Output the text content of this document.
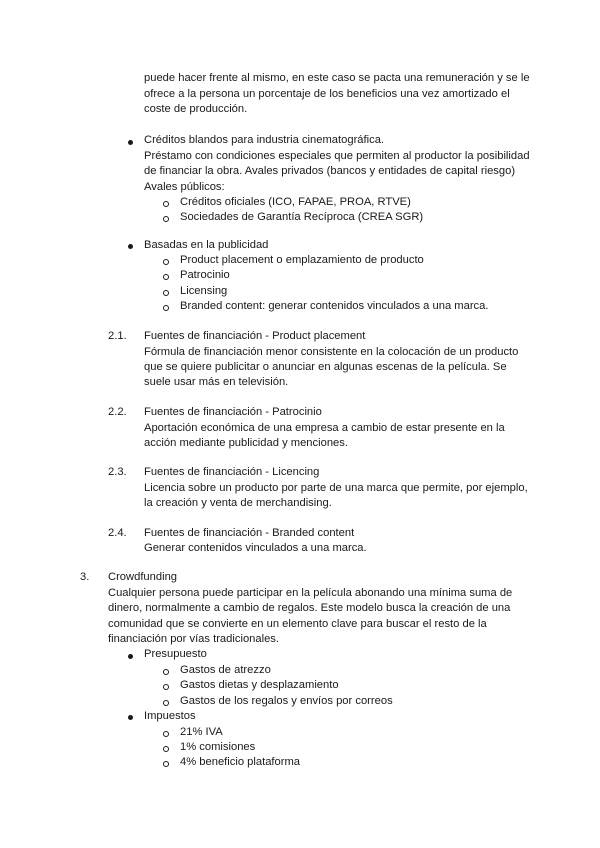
puede hacer frente al mismo, en este caso se pacta una remuneración y se le
ofrece a la persona un porcentaje de los beneficios una vez amortizado el
coste de producción.
Créditos blandos para industria cinematográfica.
Préstamo con condiciones especiales que permiten al productor la posibilidad
de financiar la obra. Avales privados (bancos y entidades de capital riesgo)
Avales públicos:
Créditos oficiales (ICO, FAPAE, PROA, RTVE)
Sociedades de Garantía Recíproca (CREA SGR)
Basadas en la publicidad
Product placement o emplazamiento de producto
Patrocinio
Licensing
Branded content: generar contenidos vinculados a una marca.
2.1. Fuentes de financiación - Product placement
Fórmula de financiación menor consistente en la colocación de un producto
que se quiere publicitar o anunciar en algunas escenas de la película. Se
suele usar más en televisión.
2.2. Fuentes de financiación - Patrocinio
Aportación económica de una empresa a cambio de estar presente en la
acción mediante publicidad y menciones.
2.3. Fuentes de financiación - Licencing
Licencia sobre un producto por parte de una marca que permite, por ejemplo,
la creación y venta de merchandising.
2.4. Fuentes de financiación - Branded content
Generar contenidos vinculados a una marca.
3. Crowdfunding
Cualquier persona puede participar en la película abonando una mínima suma de
dinero, normalmente a cambio de regalos. Este modelo busca la creación de una
comunidad que se convierte en un elemento clave para buscar el resto de la
financiación por vías tradicionales.
Presupuesto
Gastos de atrezzo
Gastos dietas y desplazamiento
Gastos de los regalos y envíos por correos
Impuestos
21% IVA
1% comisiones
4% beneficio plataforma
